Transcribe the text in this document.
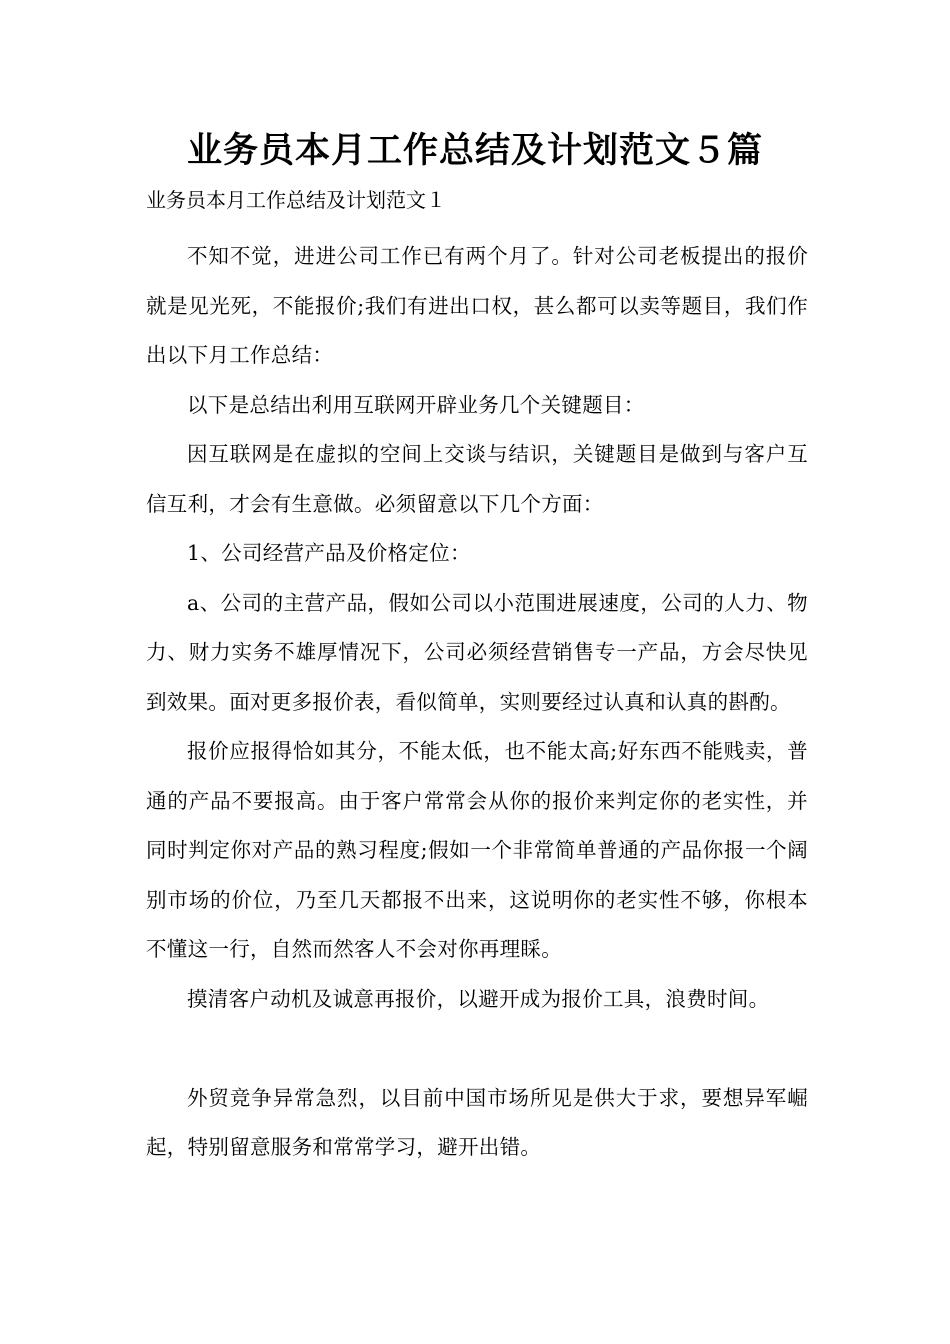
业务员本月工作总结及计划范文５篇
业务员本月工作总结及计划范文１

不知不觉，进进公司工作已有两个月了。针对公司老板提出的报价就是见光死，不能报价;我们有进出口权，甚么都可以卖等题目，我们作出以下月工作总结：

以下是总结出利用互联网开辟业务几个关键题目：

因互联网是在虚拟的空间上交谈与结识，关键题目是做到与客户互信互利，才会有生意做。必须留意以下几个方面：

1、公司经营产品及价格定位：

a、公司的主营产品，假如公司以小范围进展速度，公司的人力、物力、财力实务不雄厚情况下，公司必须经营销售专一产品，方会尽快见到效果。面对更多报价表，看似简单，实则要经过认真和认真的斟酌。

报价应报得恰如其分，不能太低，也不能太高;好东西不能贱卖，普通的产品不要报高。由于客户常常会从你的报价来判定你的老实性，并同时判定你对产品的熟习程度;假如一个非常简单普通的产品你报一个阔别市场的价位，乃至几天都报不出来，这说明你的老实性不够，你根本不懂这一行，自然而然客人不会对你再理睬。

摸清客户动机及诚意再报价，以避开成为报价工具，浪费时间。

外贸竞争异常急烈，以目前中国市场所见是供大于求，要想异军崛起，特别留意服务和常常学习，避开出错。
